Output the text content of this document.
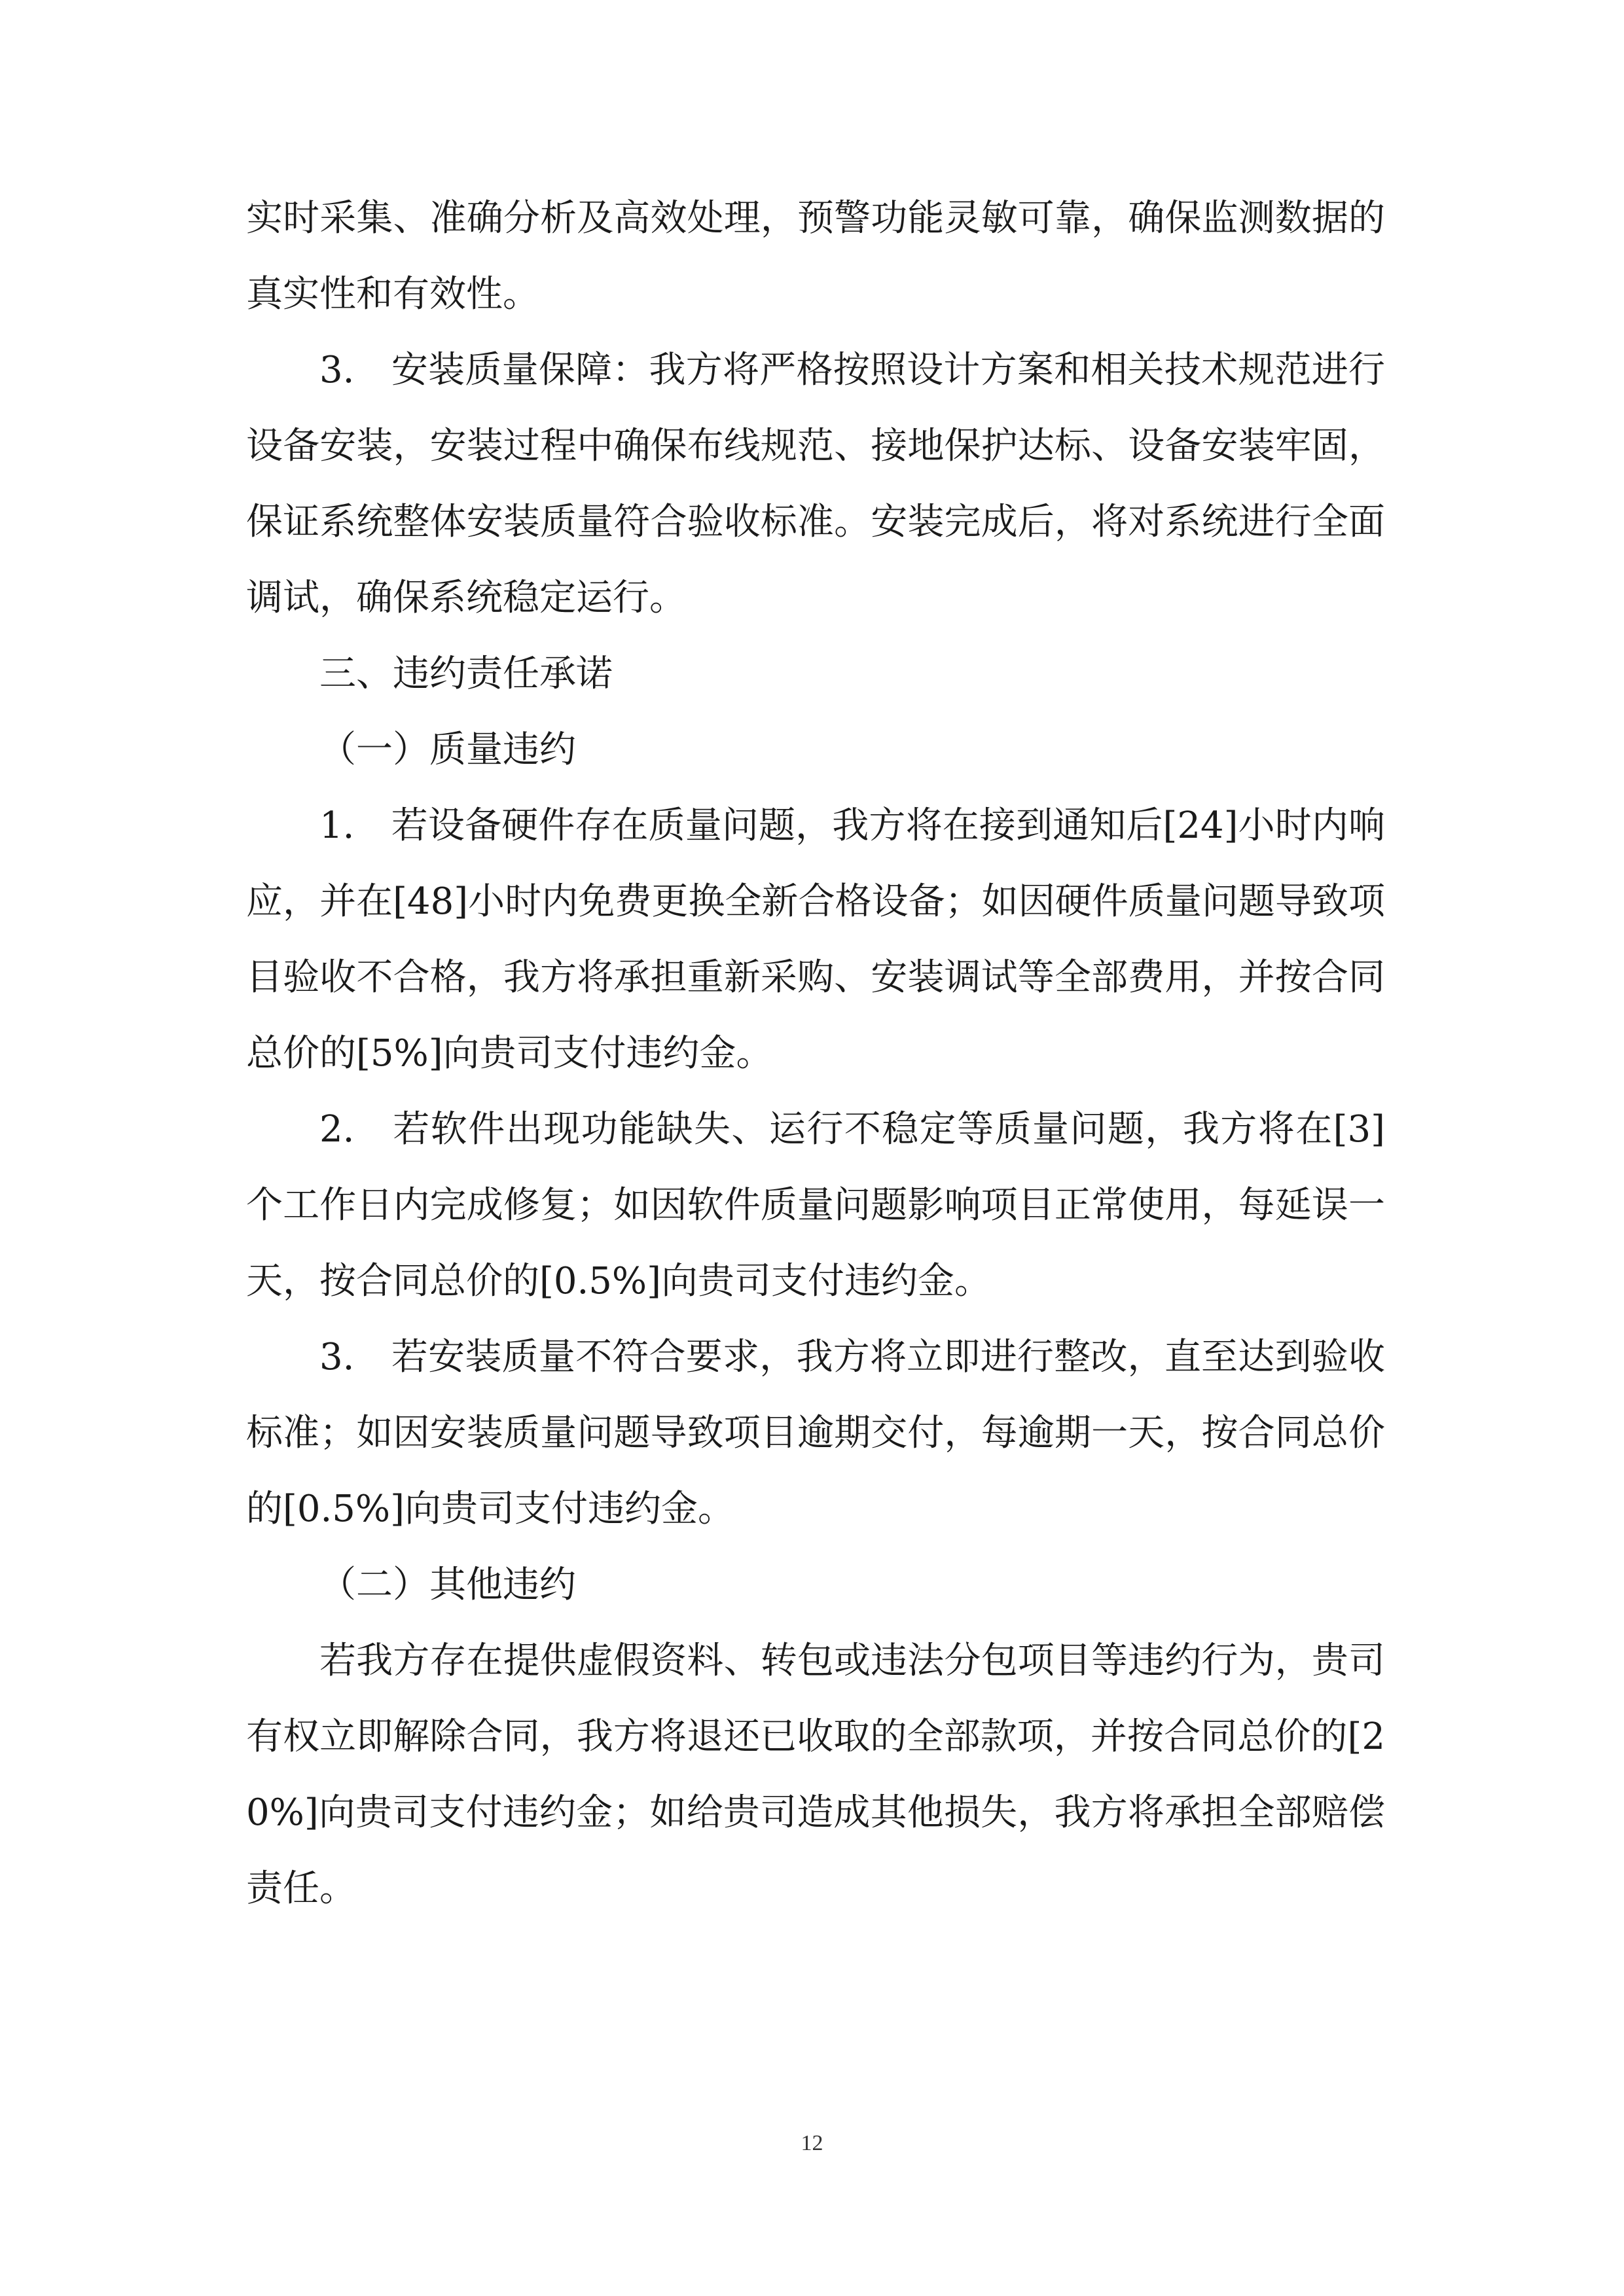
实时采集、准确分析及高效处理，预警功能灵敏可靠，确保监测数据的真实性和有效性。

3.　安装质量保障：我方将严格按照设计方案和相关技术规范进行设备安装，安装过程中确保布线规范、接地保护达标、设备安装牢固，保证系统整体安装质量符合验收标准。安装完成后，将对系统进行全面调试，确保系统稳定运行。

三、违约责任承诺

（一）质量违约

1.　若设备硬件存在质量问题，我方将在接到通知后[24]小时内响应，并在[48]小时内免费更换全新合格设备；如因硬件质量问题导致项目验收不合格，我方将承担重新采购、安装调试等全部费用，并按合同总价的[5%]向贵司支付违约金。

2.　若软件出现功能缺失、运行不稳定等质量问题，我方将在[3]个工作日内完成修复；如因软件质量问题影响项目正常使用，每延误一天，按合同总价的[0.5%]向贵司支付违约金。

3.　若安装质量不符合要求，我方将立即进行整改，直至达到验收标准；如因安装质量问题导致项目逾期交付，每逾期一天，按合同总价的[0.5%]向贵司支付违约金。

（二）其他违约

若我方存在提供虚假资料、转包或违法分包项目等违约行为，贵司有权立即解除合同，我方将退还已收取的全部款项，并按合同总价的[20%]向贵司支付违约金；如给贵司造成其他损失，我方将承担全部赔偿责任。

12
